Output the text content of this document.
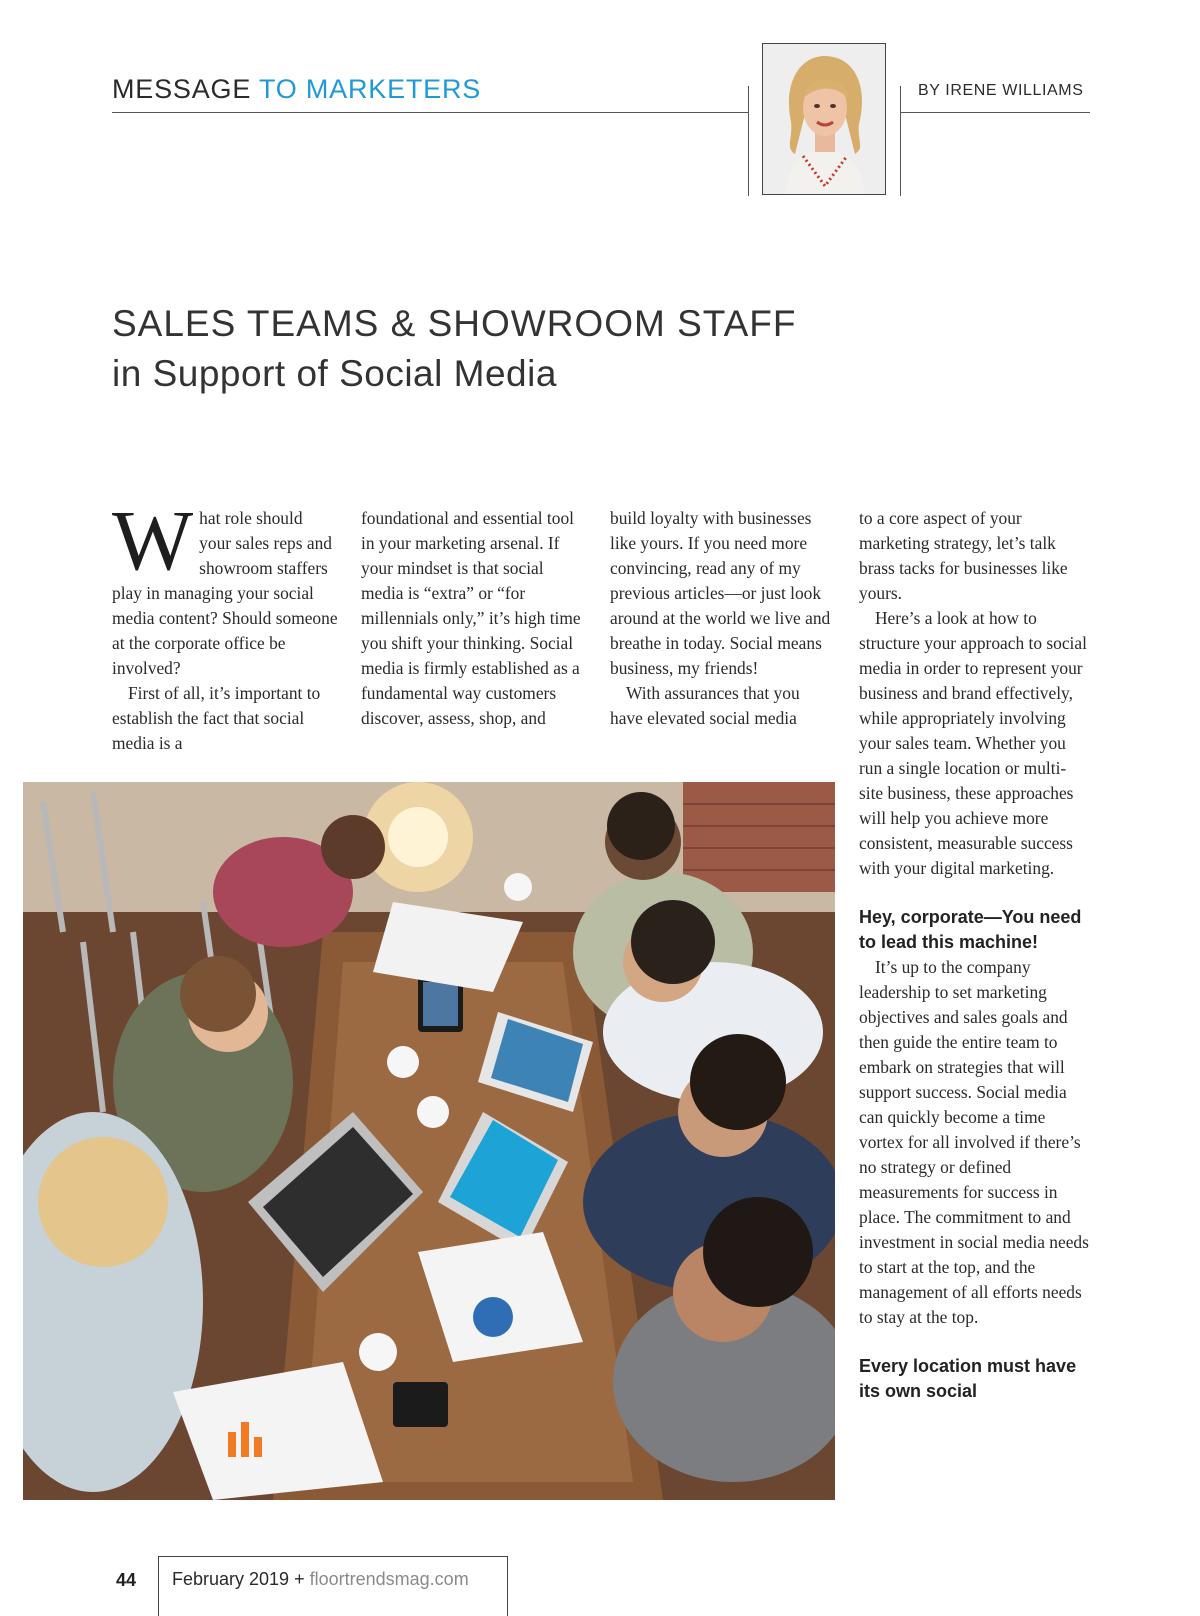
MESSAGE TO MARKETERS	BY IRENE WILLIAMS
SALES TEAMS & SHOWROOM STAFF
in Support of Social Media
W hat role should your sales reps and showroom staffers play in managing your social media content? Should someone at the corporate office be involved?

First of all, it’s important to establish the fact that social media is a

foundational and essential tool in your marketing arsenal. If your mindset is that social media is “extra” or “for millennials only,” it’s high time you shift your thinking. Social media is firmly established as a fundamental way customers discover, assess, shop, and

build loyalty with businesses like yours. If you need more convincing, read any of my previous articles—or just look around at the world we live and breathe in today. Social means business, my friends!

With assurances that you have elevated social media

to a core aspect of your marketing strategy, let’s talk brass tacks for businesses like yours.

Here’s a look at how to structure your approach to social media in order to represent your business and brand effectively, while appropriately involving your sales team. Whether you run a single location or multi-site business, these approaches will help you achieve more consistent, measurable success with your digital marketing.

Hey, corporate—You need to lead this machine!

It’s up to the company leadership to set marketing objectives and sales goals and then guide the entire team to embark on strategies that will support success. Social media can quickly become a time vortex for all involved if there’s no strategy or defined measurements for success in place. The commitment to and investment in social media needs to start at the top, and the management of all efforts needs to stay at the top.

Every location must have its own social

44 February 2019 + floortrendsmag.com
